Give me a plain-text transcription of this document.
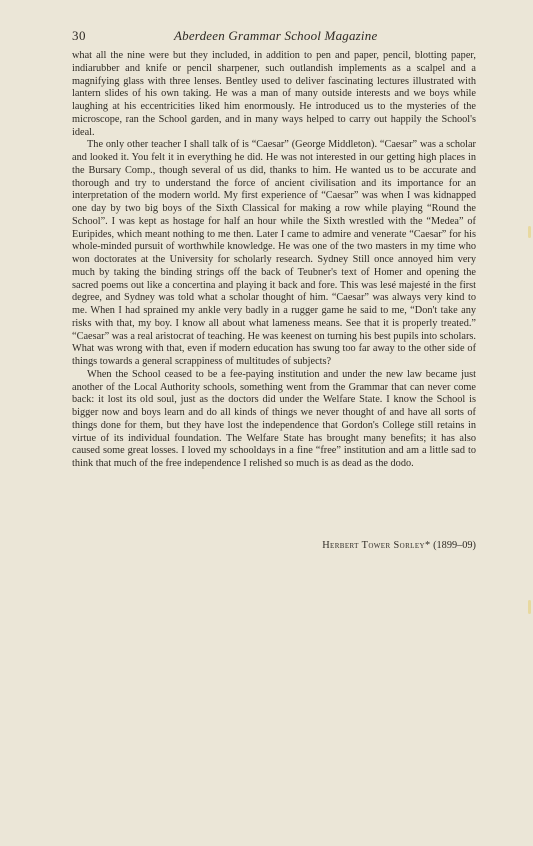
30	Aberdeen Grammar School Magazine

what all the nine were but they included, in addition to pen and paper, pencil, blotting paper, indiarubber and knife or pencil sharpener, such outlandish implements as a scalpel and a magnifying glass with three lenses. Bentley used to deliver fascinating lectures illustrated with lantern slides of his own taking. He was a man of many outside interests and we boys while laughing at his eccentricities liked him enormously. He introduced us to the mysteries of the microscope, ran the School garden, and in many ways helped to carry out happily the School's ideal.

The only other teacher I shall talk of is “Caesar” (George Middleton). “Caesar” was a scholar and looked it. You felt it in everything he did. He was not interested in our getting high places in the Bursary Comp., though several of us did, thanks to him. He wanted us to be accurate and thorough and try to understand the force of ancient civilisation and its importance for an interpretation of the modern world. My first experience of “Caesar” was when I was kidnapped one day by two big boys of the Sixth Classical for making a row while playing “Round the School”. I was kept as hostage for half an hour while the Sixth wrestled with the “Medea” of Euripides, which meant nothing to me then. Later I came to admire and venerate “Caesar” for his whole-minded pursuit of worthwhile knowledge. He was one of the two masters in my time who won doctorates at the University for scholarly research. Sydney Still once annoyed him very much by taking the binding strings off the back of Teubner's text of Homer and opening the sacred poems out like a concertina and playing it back and fore. This was lesé majesté in the first degree, and Sydney was told what a scholar thought of him. “Caesar” was always very kind to me. When I had sprained my ankle very badly in a rugger game he said to me, “Don't take any risks with that, my boy. I know all about what lameness means. See that it is properly treated.” “Caesar” was a real aristocrat of teaching. He was keenest on turning his best pupils into scholars. What was wrong with that, even if modern education has swung too far away to the other side of things towards a general scrappiness of multitudes of subjects?

When the School ceased to be a fee-paying institution and under the new law became just another of the Local Authority schools, something went from the Grammar that can never come back: it lost its old soul, just as the doctors did under the Welfare State. I know the School is bigger now and boys learn and do all kinds of things we never thought of and have all sorts of things done for them, but they have lost the independence that Gordon's College still retains in virtue of its individual foundation. The Welfare State has brought many benefits; it has also caused some great losses. I loved my schooldays in a fine “free” institution and am a little sad to think that much of the free independence I relished so much is as dead as the dodo.

Herbert Tower Sorley* (1899–09)
